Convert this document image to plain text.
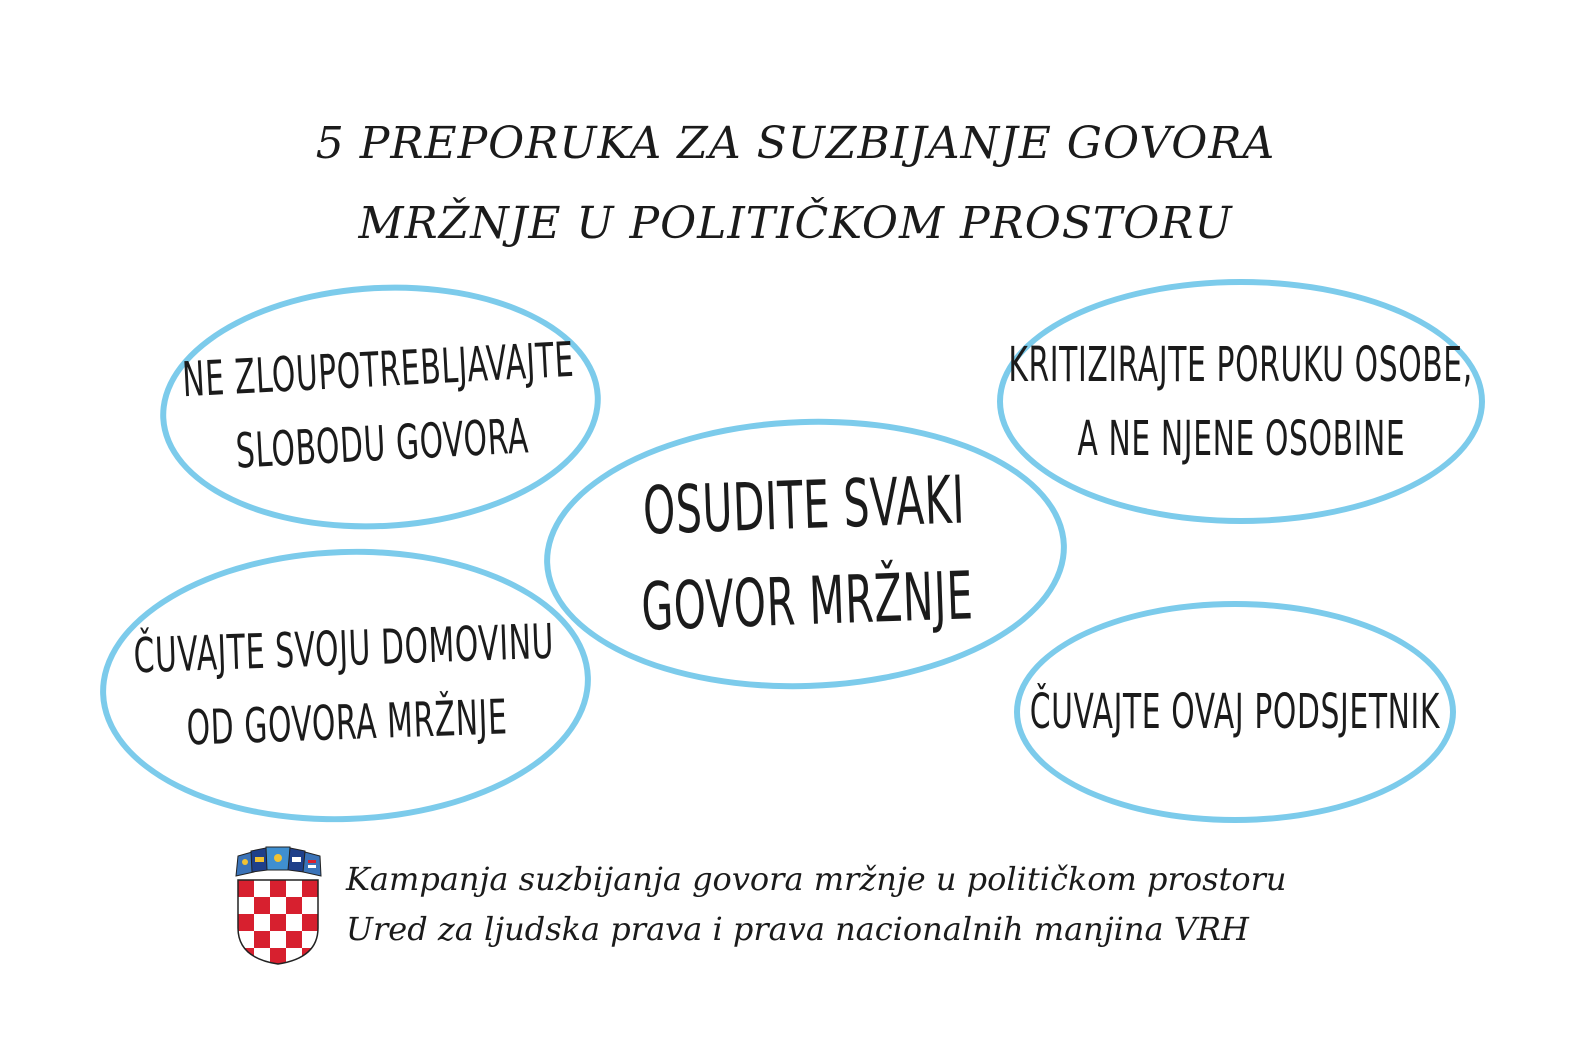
5 PREPORUKA ZA SUZBIJANJE GOVORA
MRŽNJE U POLITIČKOM PROSTORU
NE ZLOUPOTREBLJAVAJTE
SLOBODU GOVORA
KRITIZIRAJTE PORUKU OSOBE,
A NE NJENE OSOBINE
OSUDITE SVAKI
GOVOR MRŽNJE
ČUVAJTE SVOJU DOMOVINU
OD GOVORA MRŽNJE	ČUVAJTE OVAJ PODSJETNIK
Kampanja suzbijanja govora mržnje u političkom prostoru
Ured za ljudska prava i prava nacionalnih manjina VRH
